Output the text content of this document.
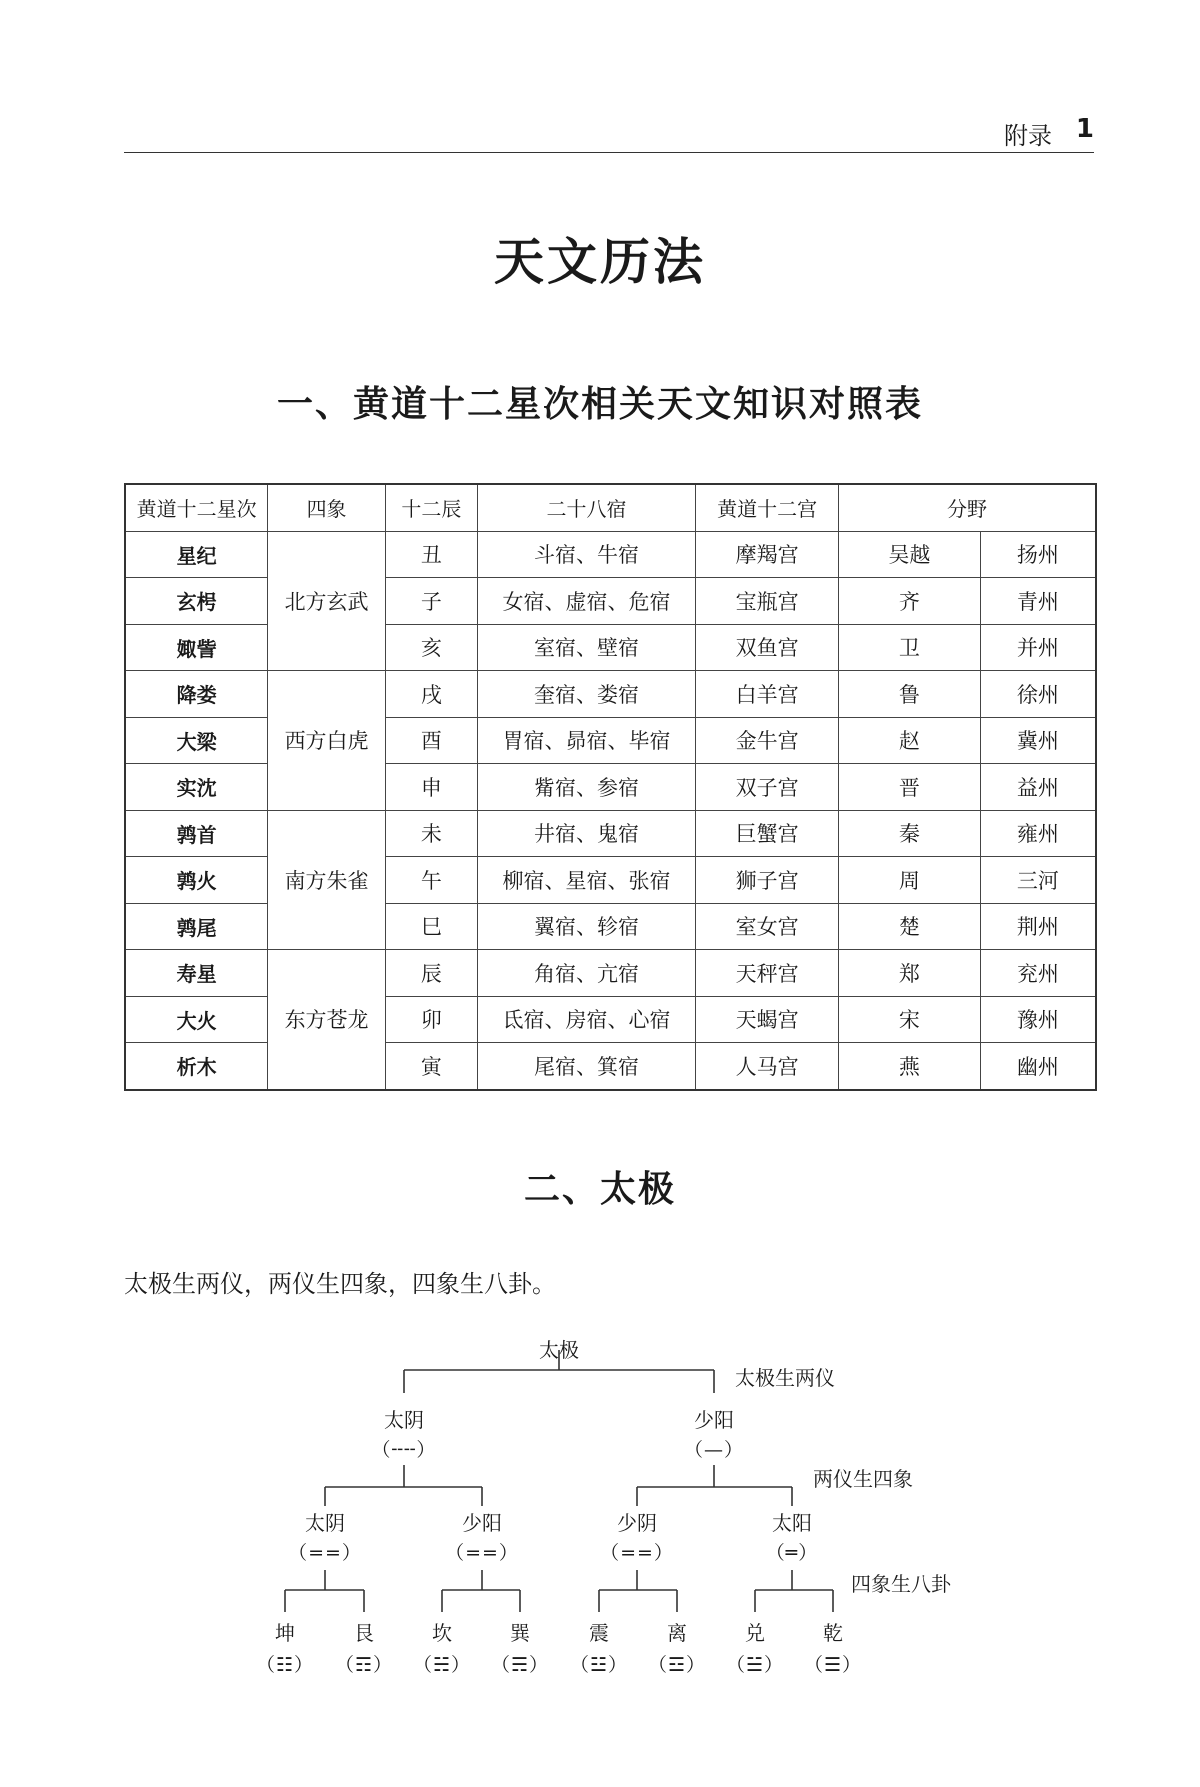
附录 1
天文历法
一、黄道十二星次相关天文知识对照表
黄道十二星次	四象	十二辰	二十八宿	黄道十二宫	分野	
星纪	北方玄武	丑	斗宿、牛宿	摩羯宫	吴越	扬州
玄枵		子	女宿、虚宿、危宿	宝瓶宫	齐	青州
娵訾		亥	室宿、壁宿	双鱼宫	卫	并州
降娄	西方白虎	戌	奎宿、娄宿	白羊宫	鲁	徐州
大梁		酉	胃宿、昴宿、毕宿	金牛宫	赵	冀州
实沈		申	觜宿、参宿	双子宫	晋	益州
鹑首	南方朱雀	未	井宿、鬼宿	巨蟹宫	秦	雍州
鹑火		午	柳宿、星宿、张宿	狮子宫	周	三河
鹑尾		巳	翼宿、轸宿	室女宫	楚	荆州
寿星	东方苍龙	辰	角宿、亢宿	天秤宫	郑	兖州
大火		卯	氐宿、房宿、心宿	天蝎宫	宋	豫州
析木		寅	尾宿、箕宿	人马宫	燕	幽州
二、太极
太极生两仪，两仪生四象，四象生八卦。
太极
太极生两仪
两仪生四象
四象生八卦
太阴
（╌╌）
少阳
（—）
太阴
（==）
少阳
（==）
少阴
（==）
太阳
（═）
坤
（☷）
艮
（☶）
坎
（☵）
巽
（☴）
震
（☳）
离
（☲）
兑
（☱）
乾
（☰）
